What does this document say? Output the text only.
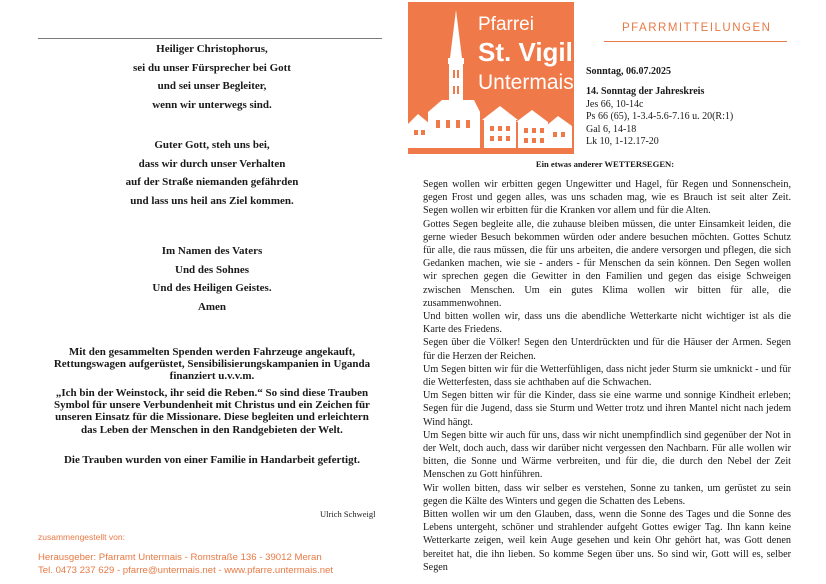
Heiliger Christophorus,
sei du unser Fürsprecher bei Gott
und sei unser Begleiter,
wenn wir unterwegs sind.
Guter Gott, steh uns bei,
dass wir durch unser Verhalten
auf der Straße niemanden gefährden
und lass uns heil ans Ziel kommen.
Im Namen des Vaters
Und des Sohnes
Und des Heiligen Geistes.
Amen
Mit den gesammelten Spenden werden Fahrzeuge angekauft,
Rettungswagen aufgerüstet, Sensibilisierungskampanien in Uganda
finanziert u.v.v.m.
„Ich bin der Weinstock, ihr seid die Reben.“ So sind diese Trauben
Symbol für unsere Verbundenheit mit Christus und ein Zeichen für
unseren Einsatz für die Missionare. Diese begleiten und erleichtern
das Leben der Menschen in den Randgebieten der Welt.
Die Trauben wurden von einer Familie in Handarbeit gefertigt.
Ulrich Schweigl
zusammengestellt von:
Herausgeber: Pfarramt Untermais - Romstraße 136 - 39012 Meran
Tel. 0473 237 629 - pfarre@untermais.net - www.pfarre.untermais.net
Pfarrei
St. Vigil
Untermais
PFARRMITTEILUNGEN
Sonntag, 06.07.2025
14. Sonntag der Jahreskreis
Jes 66, 10-14c
Ps 66 (65), 1-3.4-5.6-7.16 u. 20(R:1)
Gal 6, 14-18
Lk 10, 1-12.17-20
Ein etwas anderer WETTERSEGEN:

Segen wollen wir erbitten gegen Ungewitter und Hagel, für Regen und Sonnenschein, gegen Frost und gegen alles, was uns schaden mag, wie es Brauch ist seit alter Zeit. Segen wollen wir erbitten für die Kranken vor allem und für die Alten.

Gottes Segen begleite alle, die zuhause bleiben müssen, die unter Einsamkeit leiden, die gerne wieder Besuch bekommen würden oder andere besuchen möchten. Gottes Schutz für alle, die raus müssen, die für uns arbeiten, die andere versorgen und pflegen, die sich Gedanken machen, wie sie - anders - für Menschen da sein können. Den Segen wollen wir sprechen gegen die Gewitter in den Familien und gegen das eisige Schweigen zwischen Menschen. Um ein gutes Klima wollen wir bitten für alle, die zusammenwohnen.

Und bitten wollen wir, dass uns die abendliche Wetterkarte nicht wichtiger ist als die Karte des Friedens.

Segen über die Völker! Segen den Unterdrückten und für die Häuser der Armen. Segen für die Herzen der Reichen.

Um Segen bitten wir für die Wetterfühligen, dass nicht jeder Sturm sie umknickt - und für die Wetterfesten, dass sie achthaben auf die Schwachen.

Um Segen bitten wir für die Kinder, dass sie eine warme und sonnige Kindheit erleben; Segen für die Jugend, dass sie Sturm und Wetter trotz und ihren Mantel nicht nach jedem Wind hängt.

Um Segen bitte wir auch für uns, dass wir nicht unempfindlich sind gegenüber der Not in der Welt, doch auch, dass wir darüber nicht vergessen den Nachbarn. Für alle wollen wir bitten, die Sonne und Wärme verbreiten, und für die, die durch den Nebel der Zeit Menschen zu Gott hinführen.

Wir wollen bitten, dass wir selber es verstehen, Sonne zu tanken, um gerüstet zu sein gegen die Kälte des Winters und gegen die Schatten des Lebens.

Bitten wollen wir um den Glauben, dass, wenn die Sonne des Tages und die Sonne des Lebens untergeht, schöner und strahlender aufgeht Gottes ewiger Tag. Ihn kann keine Wetterkarte zeigen, weil kein Auge gesehen und kein Ohr gehört hat, was Gott denen bereitet hat, die ihn lieben. So komme Segen über uns. So sind wir, Gott will es, selber Segen
